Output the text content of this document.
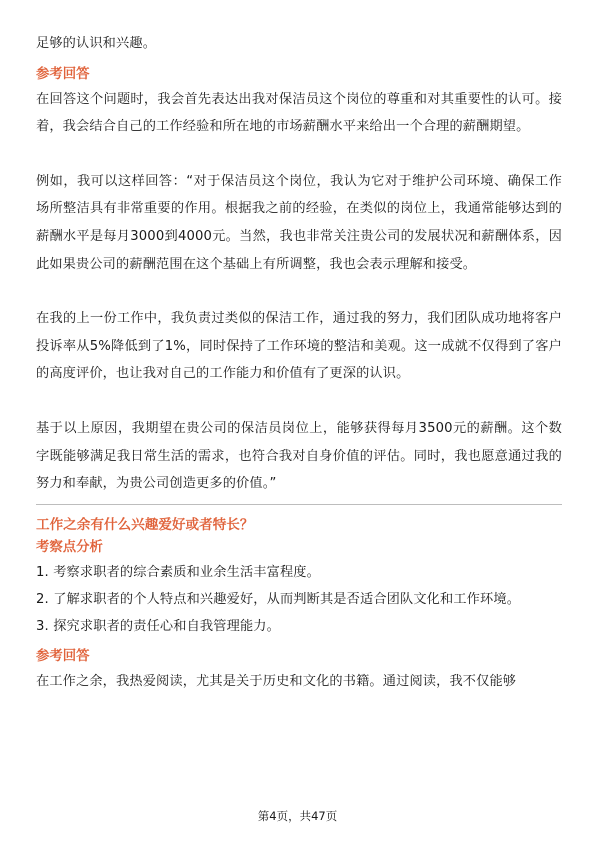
足够的认识和兴趣。

参考回答

在回答这个问题时，我会首先表达出我对保洁员这个岗位的尊重和对其重要性的认可。接着，我会结合自己的工作经验和所在地的市场薪酬水平来给出一个合理的薪酬期望。

例如，我可以这样回答：“对于保洁员这个岗位，我认为它对于维护公司环境、确保工作场所整洁具有非常重要的作用。根据我之前的经验，在类似的岗位上，我通常能够达到的薪酬水平是每月3000到4000元。当然，我也非常关注贵公司的发展状况和薪酬体系，因此如果贵公司的薪酬范围在这个基础上有所调整，我也会表示理解和接受。

在我的上一份工作中，我负责过类似的保洁工作，通过我的努力，我们团队成功地将客户投诉率从5%降低到了1%，同时保持了工作环境的整洁和美观。这一成就不仅得到了客户的高度评价，也让我对自己的工作能力和价值有了更深的认识。

基于以上原因，我期望在贵公司的保洁员岗位上，能够获得每月3500元的薪酬。这个数字既能够满足我日常生活的需求，也符合我对自身价值的评估。同时，我也愿意通过我的努力和奉献，为贵公司创造更多的价值。”

工作之余有什么兴趣爱好或者特长？

考察点分析

1. 考察求职者的综合素质和业余生活丰富程度。

2. 了解求职者的个人特点和兴趣爱好，从而判断其是否适合团队文化和工作环境。

3. 探究求职者的责任心和自我管理能力。

参考回答

在工作之余，我热爱阅读，尤其是关于历史和文化的书籍。通过阅读，我不仅能够

第4页，共47页
